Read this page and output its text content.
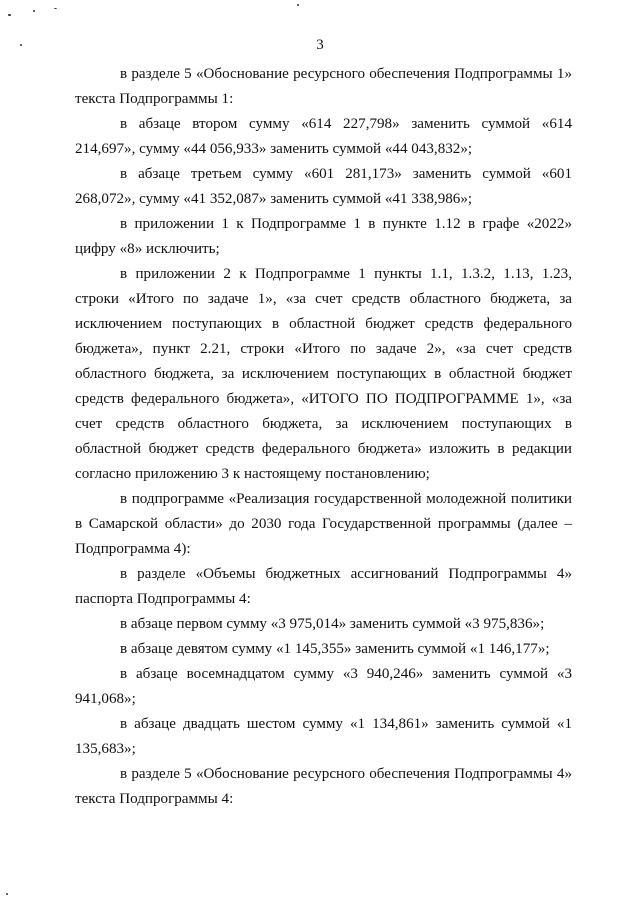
3

в разделе 5 «Обоснование ресурсного обеспечения Подпрограммы 1» текста Подпрограммы 1:

в абзаце втором сумму «614 227,798» заменить суммой «614 214,697», сумму «44 056,933» заменить суммой «44 043,832»;

в абзаце третьем сумму «601 281,173» заменить суммой «601 268,072», сумму «41 352,087» заменить суммой «41 338,986»;

в приложении 1 к Подпрограмме 1 в пункте 1.12 в графе «2022» цифру «8» исключить;

в приложении 2 к Подпрограмме 1 пункты 1.1, 1.3.2, 1.13, 1.23, строки «Итого по задаче 1», «за счет средств областного бюджета, за исключением поступающих в областной бюджет средств федерального бюджета», пункт 2.21, строки «Итого по задаче 2», «за счет средств областного бюджета, за исключением поступающих в областной бюджет средств федерального бюджета», «ИТОГО ПО ПОДПРОГРАММЕ 1», «за счет средств областного бюджета, за исключением поступающих в областной бюджет средств федерального бюджета» изложить в редакции согласно приложению 3 к настоящему постановлению;

в подпрограмме «Реализация государственной молодежной политики в Самарской области» до 2030 года Государственной программы (далее – Подпрограмма 4):

в разделе «Объемы бюджетных ассигнований Подпрограммы 4» паспорта Подпрограммы 4:

в абзаце первом сумму «3 975,014» заменить суммой «3 975,836»;

в абзаце девятом сумму «1 145,355» заменить суммой «1 146,177»;

в абзаце восемнадцатом сумму «3 940,246» заменить суммой «3 941,068»;

в абзаце двадцать шестом сумму «1 134,861» заменить суммой «1 135,683»;

в разделе 5 «Обоснование ресурсного обеспечения Подпрограммы 4» текста Подпрограммы 4:
